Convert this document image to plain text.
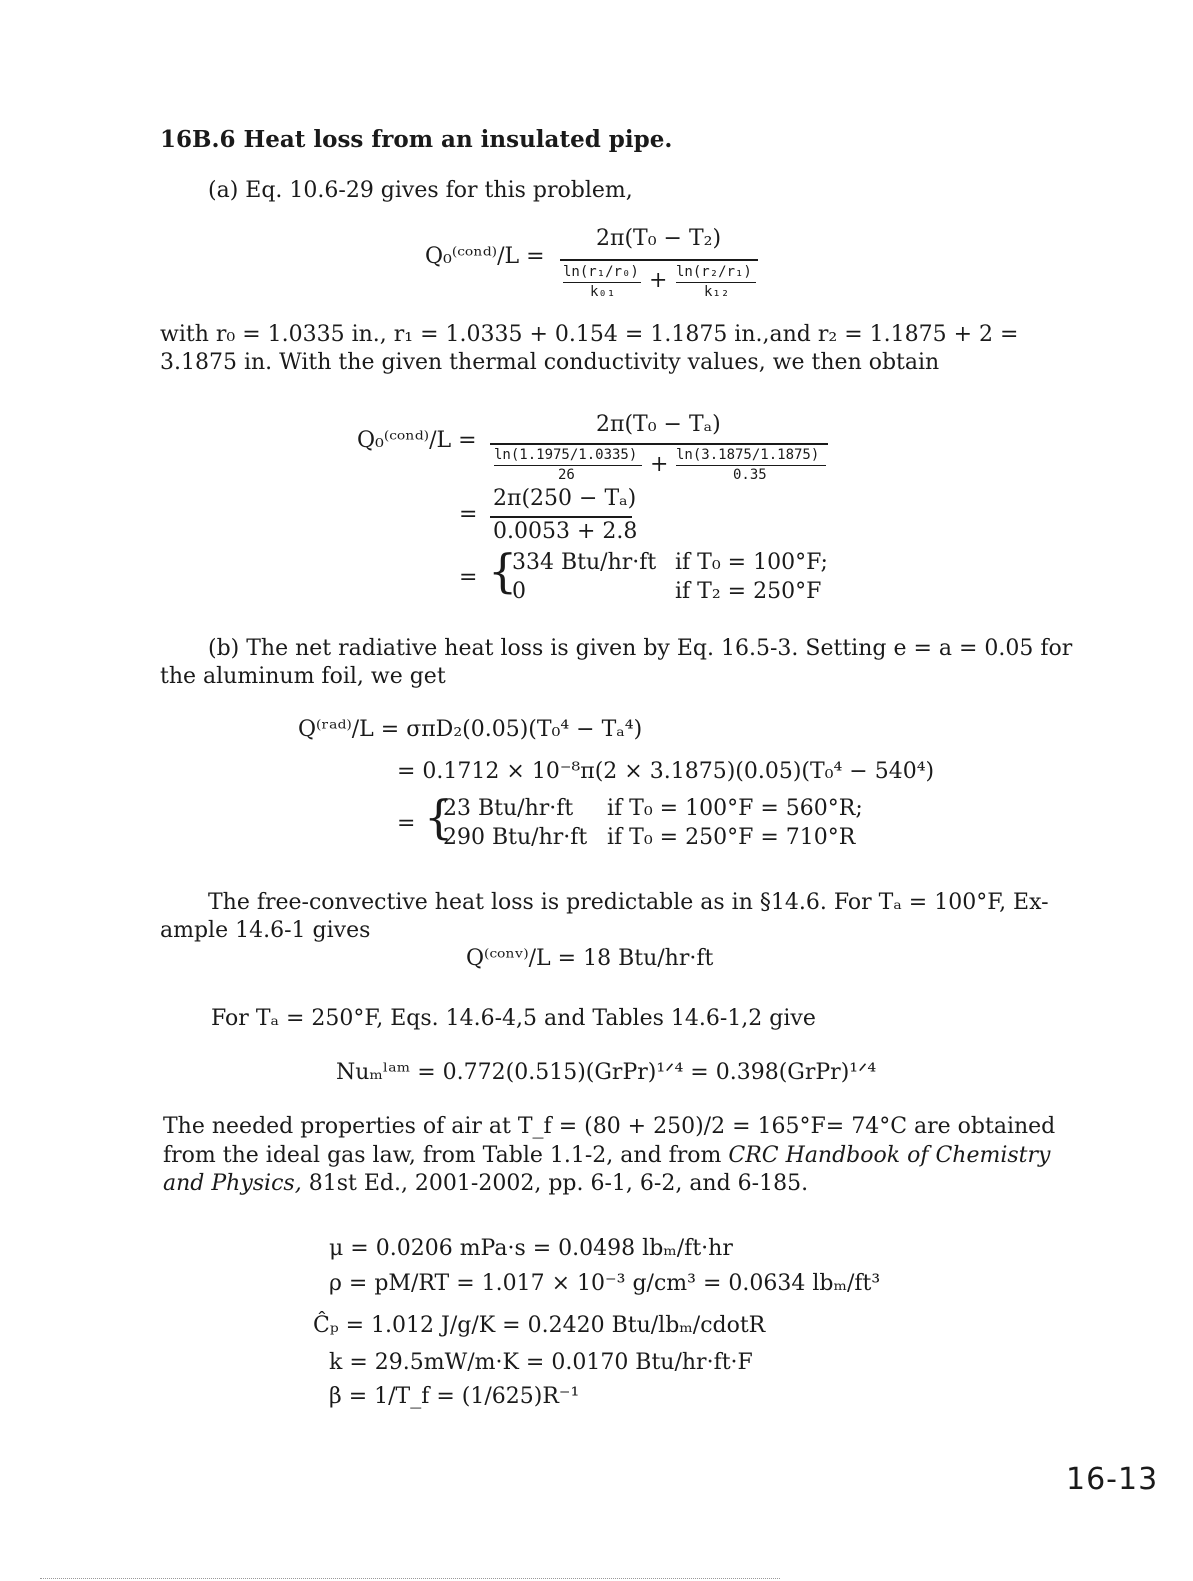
16B.6 Heat loss from an insulated pipe.
(a) Eq. 10.6-29 gives for this problem,
Q₀⁽ᶜᵒⁿᵈ⁾/L =
2π(T₀ − T₂)
ln(r₁/r₀)
k₀₁ + ln(r₂/r₁)
k₁₂
with r₀ = 1.0335 in., r₁ = 1.0335 + 0.154 = 1.1875 in.,and r₂ = 1.1875 + 2 =
3.1875 in. With the given thermal conductivity values, we then obtain
Q₀⁽ᶜᵒⁿᵈ⁾/L =
2π(T₀ − Tₐ)
ln(1.1975/1.0335)
26	+ ln(3.1875/1.1875)
0.35
=
2π(250 − Tₐ)
0.0053 + 2.8
= {
334 Btu/hr·ft if T₀ = 100°F;
0	if T₂ = 250°F
(b) The net radiative heat loss is given by Eq. 16.5-3. Setting e = a = 0.05 for
the aluminum foil, we get
Q⁽ʳᵃᵈ⁾/L = σπD₂(0.05)(T₀⁴ − Tₐ⁴)
= 0.1712 × 10⁻⁸π(2 × 3.1875)(0.05)(T₀⁴ − 540⁴)
= {
23 Btu/hr·ft if T₀ = 100°F = 560°R;
290 Btu/hr·ft if T₀ = 250°F = 710°R
The free-convective heat loss is predictable as in §14.6. For Tₐ = 100°F, Ex-
ample 14.6-1 gives
Q⁽ᶜᵒⁿᵛ⁾/L = 18 Btu/hr·ft
For Tₐ = 250°F, Eqs. 14.6-4,5 and Tables 14.6-1,2 give
Nuₘˡᵃᵐ = 0.772(0.515)(GrPr)¹ᐟ⁴ = 0.398(GrPr)¹ᐟ⁴
The needed properties of air at T_f = (80 + 250)/2 = 165°F= 74°C are obtained
from the ideal gas law, from Table 1.1-2, and from CRC Handbook of Chemistry
and Physics, 81st Ed., 2001-2002, pp. 6-1, 6-2, and 6-185.
μ = 0.0206 mPa·s = 0.0498 lbₘ/ft·hr
ρ = pM/RT = 1.017 × 10⁻³ g/cm³ = 0.0634 lbₘ/ft³
Ĉₚ = 1.012 J/g/K = 0.2420 Btu/lbₘ/cdotR
k = 29.5mW/m·K = 0.0170 Btu/hr·ft·F
β = 1/T_f = (1/625)R⁻¹
16-13
